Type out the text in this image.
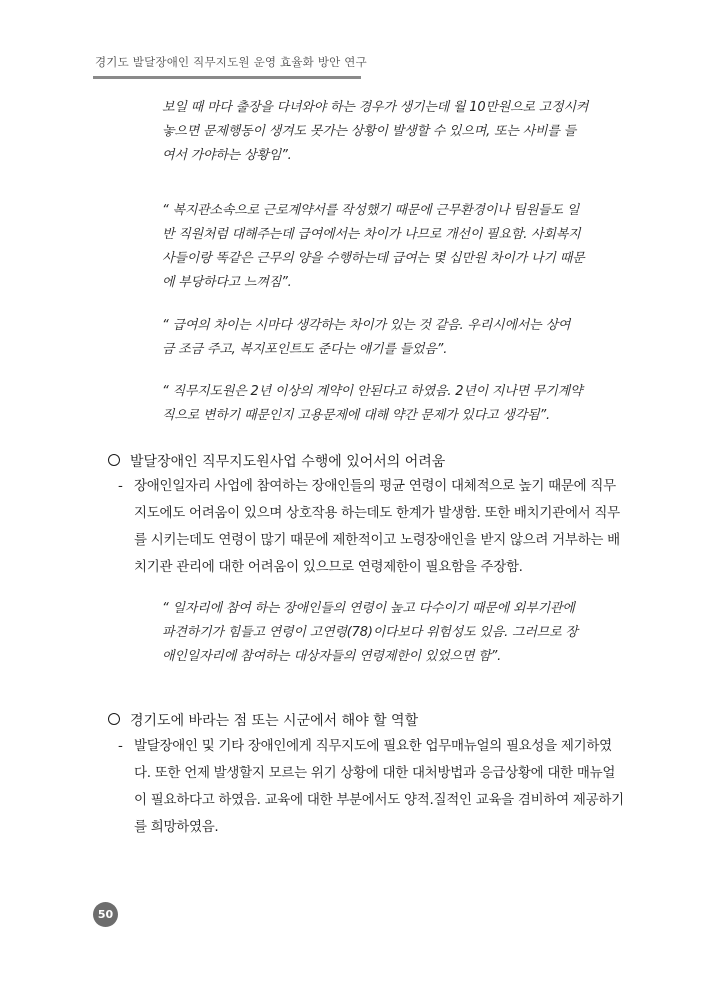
경기도 발달장애인 직무지도원 운영 효율화 방안 연구
보일 때 마다 출장을 다녀와야 하는 경우가 생기는데 월 10만원으로 고정시켜
놓으면 문제행동이 생겨도 못가는 상황이 발생할 수 있으며, 또는 사비를 들
여서 가야하는 상황임”.
“ 복지관소속으로 근로계약서를 작성했기 때문에 근무환경이나 팀원들도 일
반 직원처럼 대해주는데 급여에서는 차이가 나므로 개선이 필요함. 사회복지
사들이랑 똑같은 근무의 양을 수행하는데 급여는 몇 십만원 차이가 나기 때문
에 부당하다고 느껴짐”.
“ 급여의 차이는 시마다 생각하는 차이가 있는 것 같음. 우리시에서는 상여
금 조금 주고, 복지포인트도 준다는 얘기를 들었음”.
“ 직무지도원은 2년 이상의 계약이 안된다고 하였음. 2년이 지나면 무기계약
직으로 변하기 때문인지 고용문제에 대해 약간 문제가 있다고 생각됨”.
발달장애인 직무지도원사업 수행에 있어서의 어려움
- 장애인일자리 사업에 참여하는 장애인들의 평균 연령이 대체적으로 높기 때문에 직무
지도에도 어려움이 있으며 상호작용 하는데도 한계가 발생함. 또한 배치기관에서 직무
를 시키는데도 연령이 많기 때문에 제한적이고 노령장애인을 받지 않으려 거부하는 배
치기관 관리에 대한 어려움이 있으므로 연령제한이 필요함을 주장함.
“ 일자리에 참여 하는 장애인들의 연령이 높고 다수이기 때문에 외부기관에
파견하기가 힘들고 연령이 고연령(78)이다보다 위험성도 있음. 그러므로 장
애인일자리에 참여하는 대상자들의 연령제한이 있었으면 함”.
경기도에 바라는 점 또는 시군에서 해야 할 역할
- 발달장애인 및 기타 장애인에게 직무지도에 필요한 업무매뉴얼의 필요성을 제기하였
다. 또한 언제 발생할지 모르는 위기 상황에 대한 대처방법과 응급상황에 대한 매뉴얼
이 필요하다고 하였음. 교육에 대한 부분에서도 양적.질적인 교육을 겸비하여 제공하기
를 희망하였음.
50
